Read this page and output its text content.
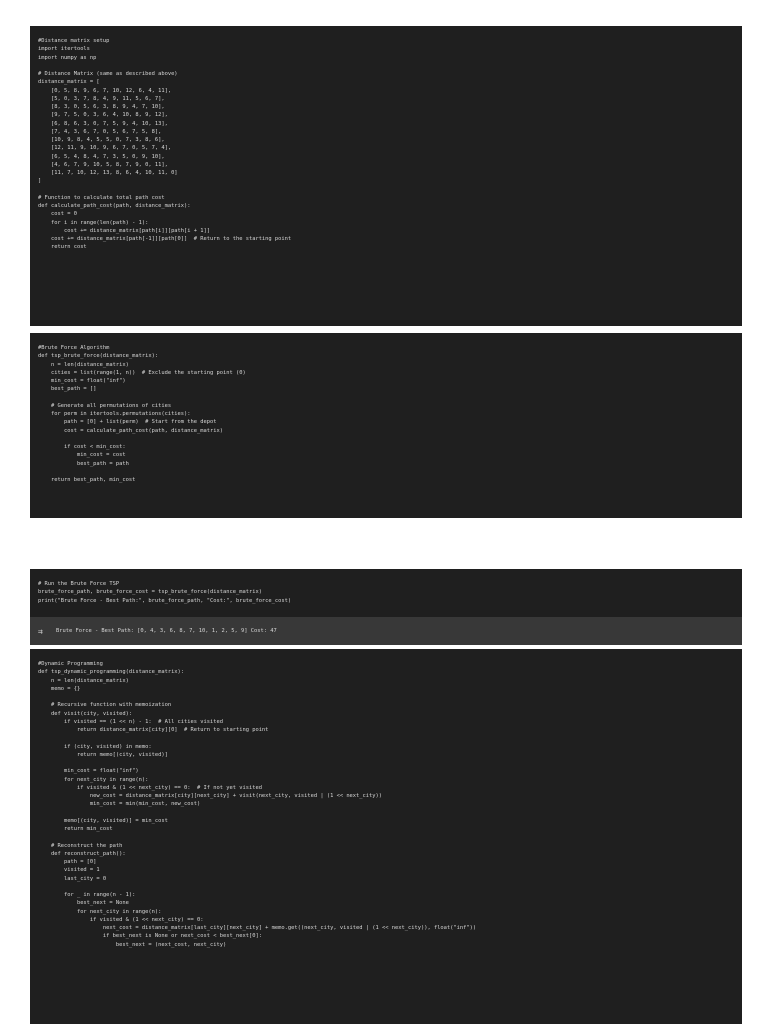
#Distance matrix setup
import itertools
import numpy as np

# Distance Matrix (same as described above)
distance_matrix = [
[0, 5, 8, 9, 6, 7, 10, 12, 6, 4, 11],
[5, 0, 3, 7, 8, 4, 9, 11, 5, 6, 7],
[8, 3, 0, 5, 6, 3, 8, 9, 4, 7, 10],
[9, 7, 5, 0, 3, 6, 4, 10, 8, 9, 12],
[6, 8, 6, 3, 0, 7, 5, 9, 4, 10, 13],
[7, 4, 3, 6, 7, 0, 5, 6, 7, 5, 8],
[10, 9, 8, 4, 5, 5, 0, 7, 3, 8, 6],
[12, 11, 9, 10, 9, 6, 7, 0, 5, 7, 4],
[6, 5, 4, 8, 4, 7, 3, 5, 0, 9, 10],
[4, 6, 7, 9, 10, 5, 8, 7, 9, 0, 11],
[11, 7, 10, 12, 13, 8, 6, 4, 10, 11, 0]
]

# Function to calculate total path cost
def calculate_path_cost(path, distance_matrix):
cost = 0
for i in range(len(path) - 1):
cost += distance_matrix[path[i]][path[i + 1]]
cost += distance_matrix[path[-1]][path[0]]  # Return to the starting point
return cost
#Brute Force Algorithm
def tsp_brute_force(distance_matrix):
n = len(distance_matrix)
cities = list(range(1, n))  # Exclude the starting point (0)
min_cost = float("inf")
best_path = []

# Generate all permutations of cities
for perm in itertools.permutations(cities):
path = [0] + list(perm)  # Start from the depot
cost = calculate_path_cost(path, distance_matrix)

if cost < min_cost:
min_cost = cost
best_path = path

return best_path, min_cost
# Run the Brute Force TSP
brute_force_path, brute_force_cost = tsp_brute_force(distance_matrix)
print("Brute Force - Best Path:", brute_force_path, "Cost:", brute_force_cost)
⇉	Brute Force - Best Path: [0, 4, 3, 6, 8, 7, 10, 1, 2, 5, 9] Cost: 47
#Dynamic Programming
def tsp_dynamic_programming(distance_matrix):
n = len(distance_matrix)
memo = {}

# Recursive function with memoization
def visit(city, visited):
if visited == (1 << n) - 1:  # All cities visited
return distance_matrix[city][0]  # Return to starting point

if (city, visited) in memo:
return memo[(city, visited)]

min_cost = float("inf")
for next_city in range(n):
if visited & (1 << next_city) == 0:  # If not yet visited
new_cost = distance_matrix[city][next_city] + visit(next_city, visited | (1 << next_city))
min_cost = min(min_cost, new_cost)

memo[(city, visited)] = min_cost
return min_cost

# Reconstruct the path
def reconstruct_path():
path = [0]
visited = 1
last_city = 0

for _ in range(n - 1):
best_next = None
for next_city in range(n):
if visited & (1 << next_city) == 0:
next_cost = distance_matrix[last_city][next_city] + memo.get((next_city, visited | (1 << next_city)), float("inf"))
if best_next is None or next_cost < best_next[0]:
best_next = (next_cost, next_city)
